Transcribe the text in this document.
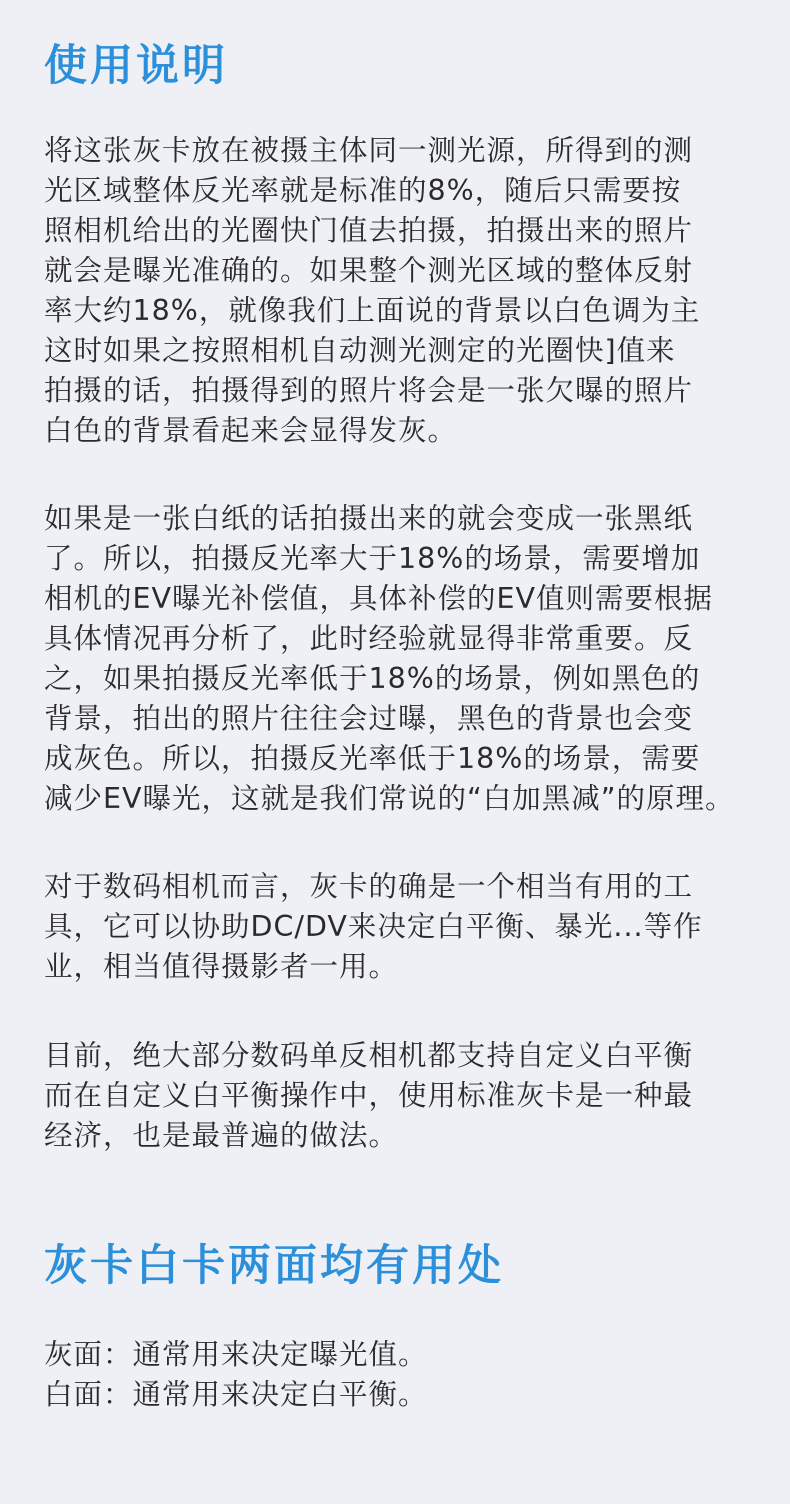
使用说明
将这张灰卡放在被摄主体同一测光源，所得到的测
光区域整体反光率就是标准的8%，随后只需要按
照相机给出的光圈快门值去拍摄，拍摄出来的照片
就会是曝光准确的。如果整个测光区域的整体反射
率大约18%，就像我们上面说的背景以白色调为主
这时如果之按照相机自动测光测定的光圈快]值来
拍摄的话，拍摄得到的照片将会是一张欠曝的照片
白色的背景看起来会显得发灰。
如果是一张白纸的话拍摄出来的就会变成一张黑纸
了。所以，拍摄反光率大于18%的场景，需要增加
相机的EV曝光补偿值，具体补偿的EV值则需要根据
具体情况再分析了，此时经验就显得非常重要。反
之，如果拍摄反光率低于18%的场景，例如黑色的
背景，拍出的照片往往会过曝，黑色的背景也会变
成灰色。所以，拍摄反光率低于18%的场景，需要
减少EV曝光，这就是我们常说的“白加黑减”的原理。
对于数码相机而言，灰卡的确是一个相当有用的工
具，它可以协助DC/DV来决定白平衡、暴光...等作
业，相当值得摄影者一用。
目前，绝大部分数码单反相机都支持自定义白平衡
而在自定义白平衡操作中，使用标准灰卡是一种最
经济，也是最普遍的做法。
灰卡白卡两面均有用处
灰面：通常用来决定曝光值。
白面：通常用来决定白平衡。
